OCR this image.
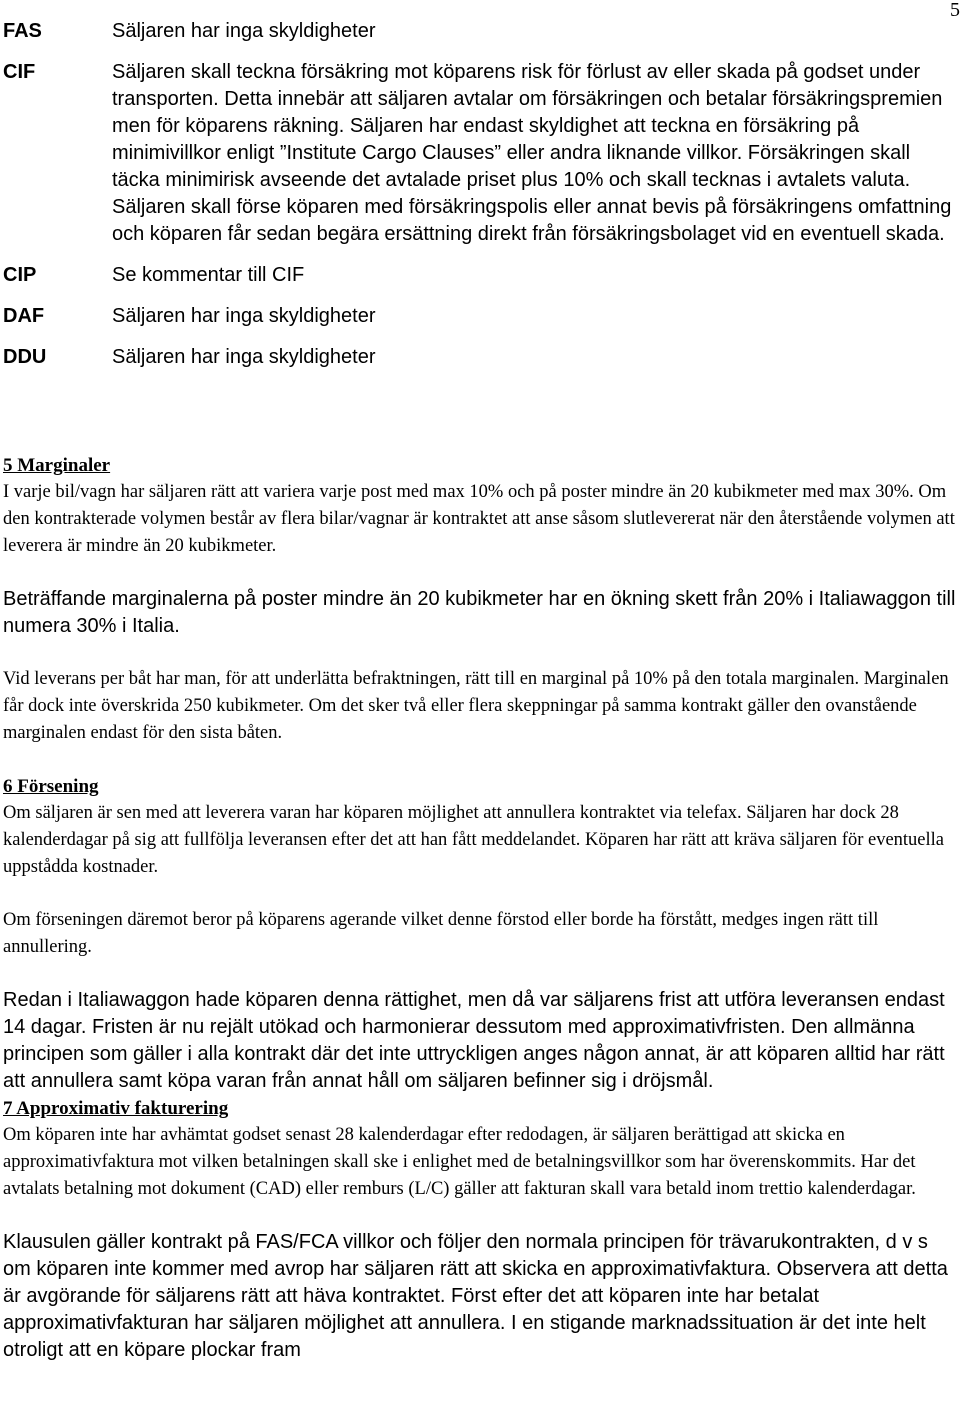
5
FAS	Säljaren har inga skyldigheter
CIF	Säljaren skall teckna försäkring mot köparens risk för förlust av eller skada på godset under transporten. Detta innebär att säljaren avtalar om försäkringen och betalar försäkringspremien men för köparens räkning. Säljaren har endast skyldighet att teckna en försäkring på minimivillkor enligt ”Institute Cargo Clauses” eller andra liknande villkor. Försäkringen skall täcka minimirisk avseende det avtalade priset plus 10% och skall tecknas i avtalets valuta. Säljaren skall förse köparen med försäkringspolis eller annat bevis på försäkringens omfattning och köparen får sedan begära ersättning direkt från försäkringsbolaget vid en eventuell skada.
CIP	Se kommentar till CIF
DAF	Säljaren har inga skyldigheter
DDU	Säljaren har inga skyldigheter
5 Marginaler

I varje bil/vagn har säljaren rätt att variera varje post med max 10% och på poster mindre än 20 kubikmeter med max 30%. Om den kontrakterade volymen består av flera bilar/vagnar är kontraktet att anse såsom slutlevererat när den återstående volymen att leverera är mindre än 20 kubikmeter.

Beträffande marginalerna på poster mindre än 20 kubikmeter har en ökning skett från 20% i Italiawaggon till numera 30% i Italia.

Vid leverans per båt har man, för att underlätta befraktningen, rätt till en marginal på 10% på den totala marginalen. Marginalen får dock inte överskrida 250 kubikmeter. Om det sker två eller flera skeppningar på samma kontrakt gäller den ovanstående marginalen endast för den sista båten.

6 Försening

Om säljaren är sen med att leverera varan har köparen möjlighet att annullera kontraktet via telefax. Säljaren har dock 28 kalenderdagar på sig att fullfölja leveransen efter det att han fått meddelandet. Köparen har rätt att kräva säljaren för eventuella uppstådda kostnader.

Om förseningen däremot beror på köparens agerande vilket denne förstod eller borde ha förstått, medges ingen rätt till annullering.

Redan i Italiawaggon hade köparen denna rättighet, men då var säljarens frist att utföra leveransen endast 14 dagar. Fristen är nu rejält utökad och harmonierar dessutom med approximativfristen. Den allmänna principen som gäller i alla kontrakt där det inte uttryckligen anges någon annat, är att köparen alltid har rätt att annullera samt köpa varan från annat håll om säljaren befinner sig i dröjsmål.

7 Approximativ fakturering

Om köparen inte har avhämtat godset senast 28 kalenderdagar efter redodagen, är säljaren berättigad att skicka en approximativfaktura mot vilken betalningen skall ske i enlighet med de betalningsvillkor som har överenskommits. Har det avtalats betalning mot dokument (CAD) eller remburs (L/C) gäller att fakturan skall vara betald inom trettio kalenderdagar.

Klausulen gäller kontrakt på FAS/FCA villkor och följer den normala principen för trävarukontrakten, d v s om köparen inte kommer med avrop har säljaren rätt att skicka en approximativfaktura. Observera att detta är avgörande för säljarens rätt att häva kontraktet. Först efter det att köparen inte har betalat approximativfakturan har säljaren möjlighet att annullera. I en stigande marknadssituation är det inte helt otroligt att en köpare plockar fram
